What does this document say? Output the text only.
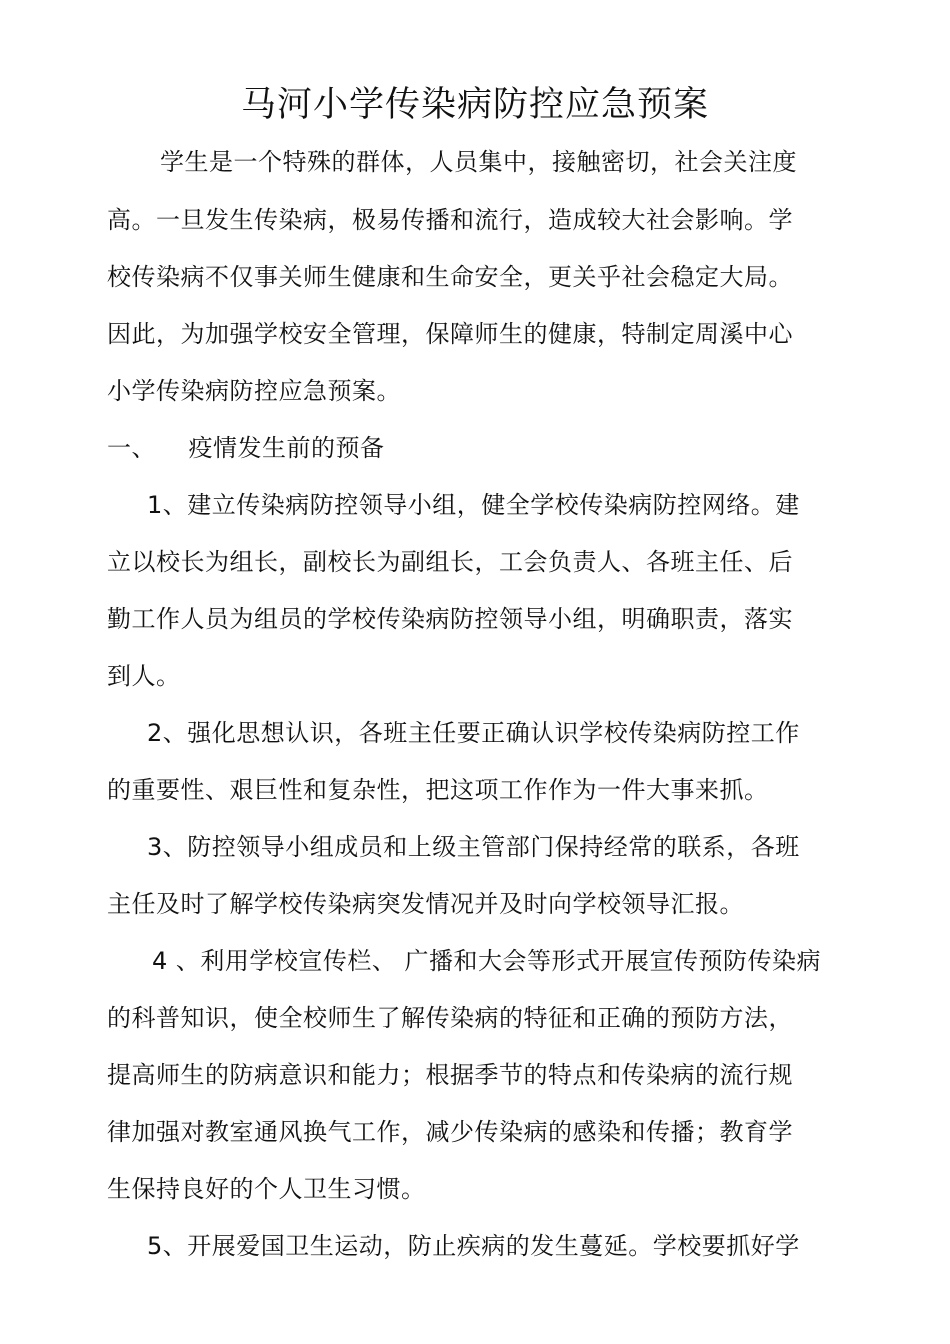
马河小学传染病防控应急预案
学生是一个特殊的群体，人员集中，接触密切，社会关注度
高。一旦发生传染病，极易传播和流行，造成较大社会影响。学
校传染病不仅事关师生健康和生命安全，更关乎社会稳定大局。
因此，为加强学校安全管理，保障师生的健康，特制定周溪中心
小学传染病防控应急预案。
一、    疫情发生前的预备
1、建立传染病防控领导小组，健全学校传染病防控网络。建
立以校长为组长，副校长为副组长，工会负责人、各班主任、后
勤工作人员为组员的学校传染病防控领导小组，明确职责，落实
到人。
2、强化思想认识，各班主任要正确认识学校传染病防控工作
的重要性、艰巨性和复杂性，把这项工作作为一件大事来抓。
3、防控领导小组成员和上级主管部门保持经常的联系，各班
主任及时了解学校传染病突发情况并及时向学校领导汇报。
4 、利用学校宣传栏、 广播和大会等形式开展宣传预防传染病
的科普知识，使全校师生了解传染病的特征和正确的预防方法，
提高师生的防病意识和能力；根据季节的特点和传染病的流行规
律加强对教室通风换气工作，减少传染病的感染和传播；教育学
生保持良好的个人卫生习惯。
5、开展爱国卫生运动，防止疾病的发生蔓延。学校要抓好学
